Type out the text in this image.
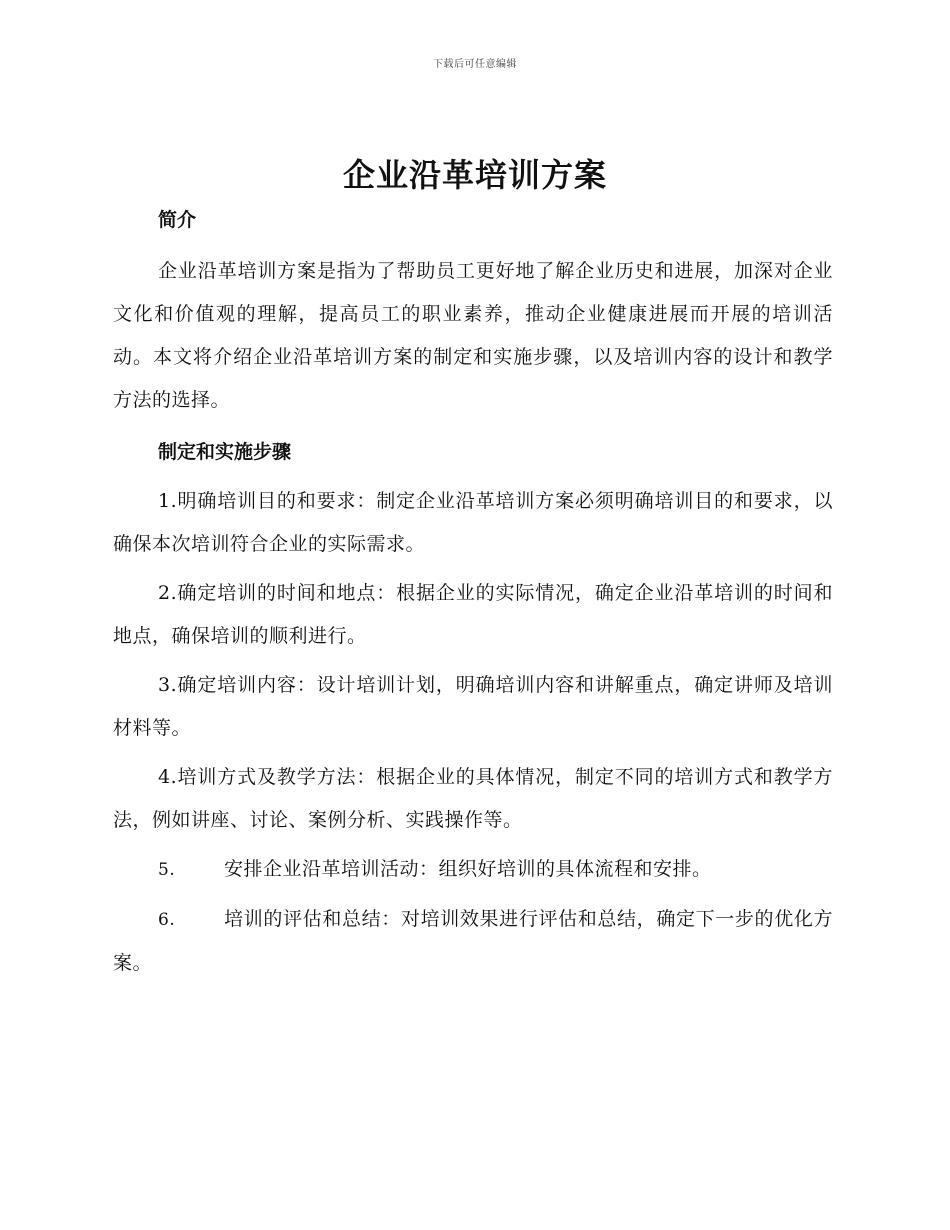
下载后可任意编辑
企业沿革培训方案
简介

企业沿革培训方案是指为了帮助员工更好地了解企业历史和进展，加深对企业文化和价值观的理解，提高员工的职业素养，推动企业健康进展而开展的培训活动。本文将介绍企业沿革培训方案的制定和实施步骤，以及培训内容的设计和教学方法的选择。

制定和实施步骤

1.明确培训目的和要求：制定企业沿革培训方案必须明确培训目的和要求，以确保本次培训符合企业的实际需求。

2.确定培训的时间和地点：根据企业的实际情况，确定企业沿革培训的时间和地点，确保培训的顺利进行。

3.确定培训内容：设计培训计划，明确培训内容和讲解重点，确定讲师及培训材料等。

4.培训方式及教学方法：根据企业的具体情况，制定不同的培训方式和教学方法，例如讲座、讨论、案例分析、实践操作等。

5.	安排企业沿革培训活动：组织好培训的具体流程和安排。

6.	培训的评估和总结：对培训效果进行评估和总结，确定下一步的优化方案。
